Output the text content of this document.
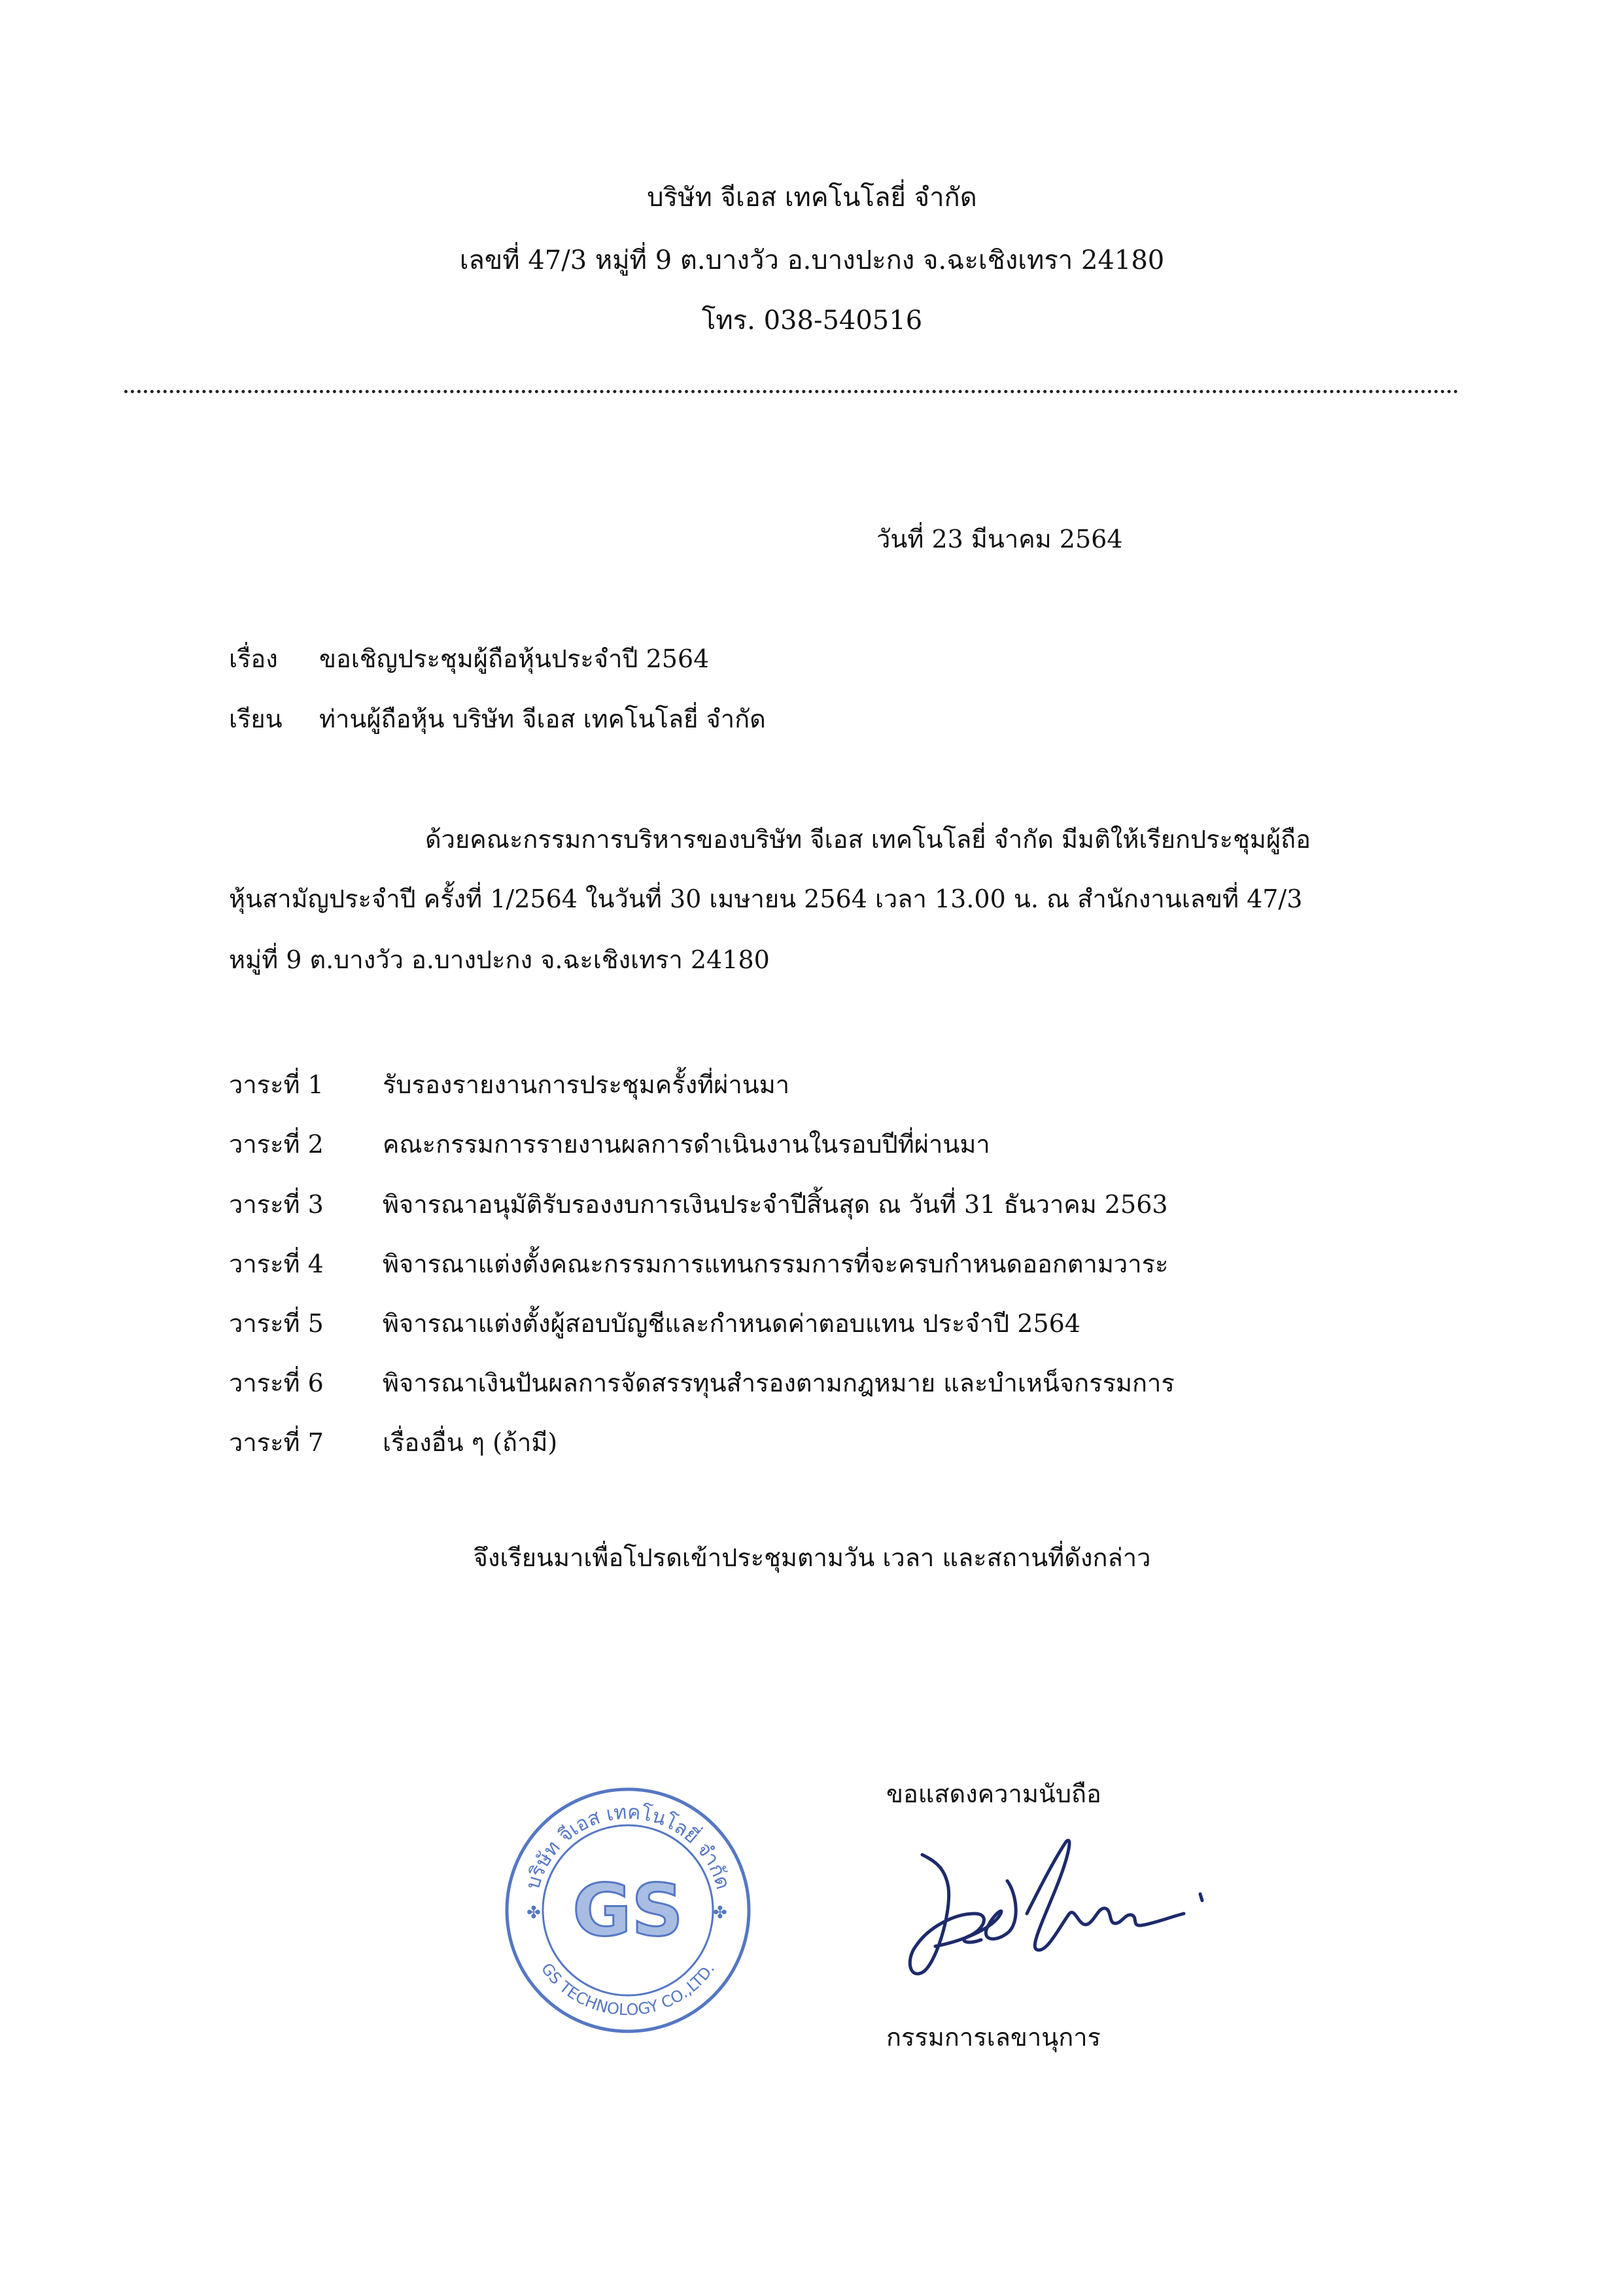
บริษัท จีเอส เทคโนโลยี่ จำกัด
เลขที่ 47/3 หมู่ที่ 9 ต.บางวัว อ.บางปะกง จ.ฉะเชิงเทรา 24180
โทร. 038-540516
วันที่ 23 มีนาคม 2564
เรื่อง ขอเชิญประชุมผู้ถือหุ้นประจำปี 2564
เรียน ท่านผู้ถือหุ้น บริษัท จีเอส เทคโนโลยี่ จำกัด
ด้วยคณะกรรมการบริหารของบริษัท จีเอส เทคโนโลยี่ จำกัด มีมติให้เรียกประชุมผู้ถือ
หุ้นสามัญประจำปี ครั้งที่ 1/2564 ในวันที่ 30 เมษายน 2564 เวลา 13.00 น. ณ สำนักงานเลขที่ 47/3
หมู่ที่ 9 ต.บางวัว อ.บางปะกง จ.ฉะเชิงเทรา 24180
วาระที่ 1 รับรองรายงานการประชุมครั้งที่ผ่านมา
วาระที่ 2 คณะกรรมการรายงานผลการดำเนินงานในรอบปีที่ผ่านมา
วาระที่ 3 พิจารณาอนุมัติรับรองงบการเงินประจำปีสิ้นสุด ณ วันที่ 31 ธันวาคม 2563
วาระที่ 4 พิจารณาแต่งตั้งคณะกรรมการแทนกรรมการที่จะครบกำหนดออกตามวาระ
วาระที่ 5 พิจารณาแต่งตั้งผู้สอบบัญชีและกำหนดค่าตอบแทน ประจำปี 2564
วาระที่ 6 พิจารณาเงินปันผลการจัดสรรทุนสำรองตามกฎหมาย และบำเหน็จกรรมการ
วาระที่ 7 เรื่องอื่น ๆ (ถ้ามี)
จึงเรียนมาเพื่อโปรดเข้าประชุมตามวัน เวลา และสถานที่ดังกล่าว
ขอแสดงความนับถือ
บริษัท จีเอส เทคโนโลยี่ จำกัด
GS TECHNOLOGY CO.,LTD.
GS
✤	✤
กรรมการเลขานุการ
